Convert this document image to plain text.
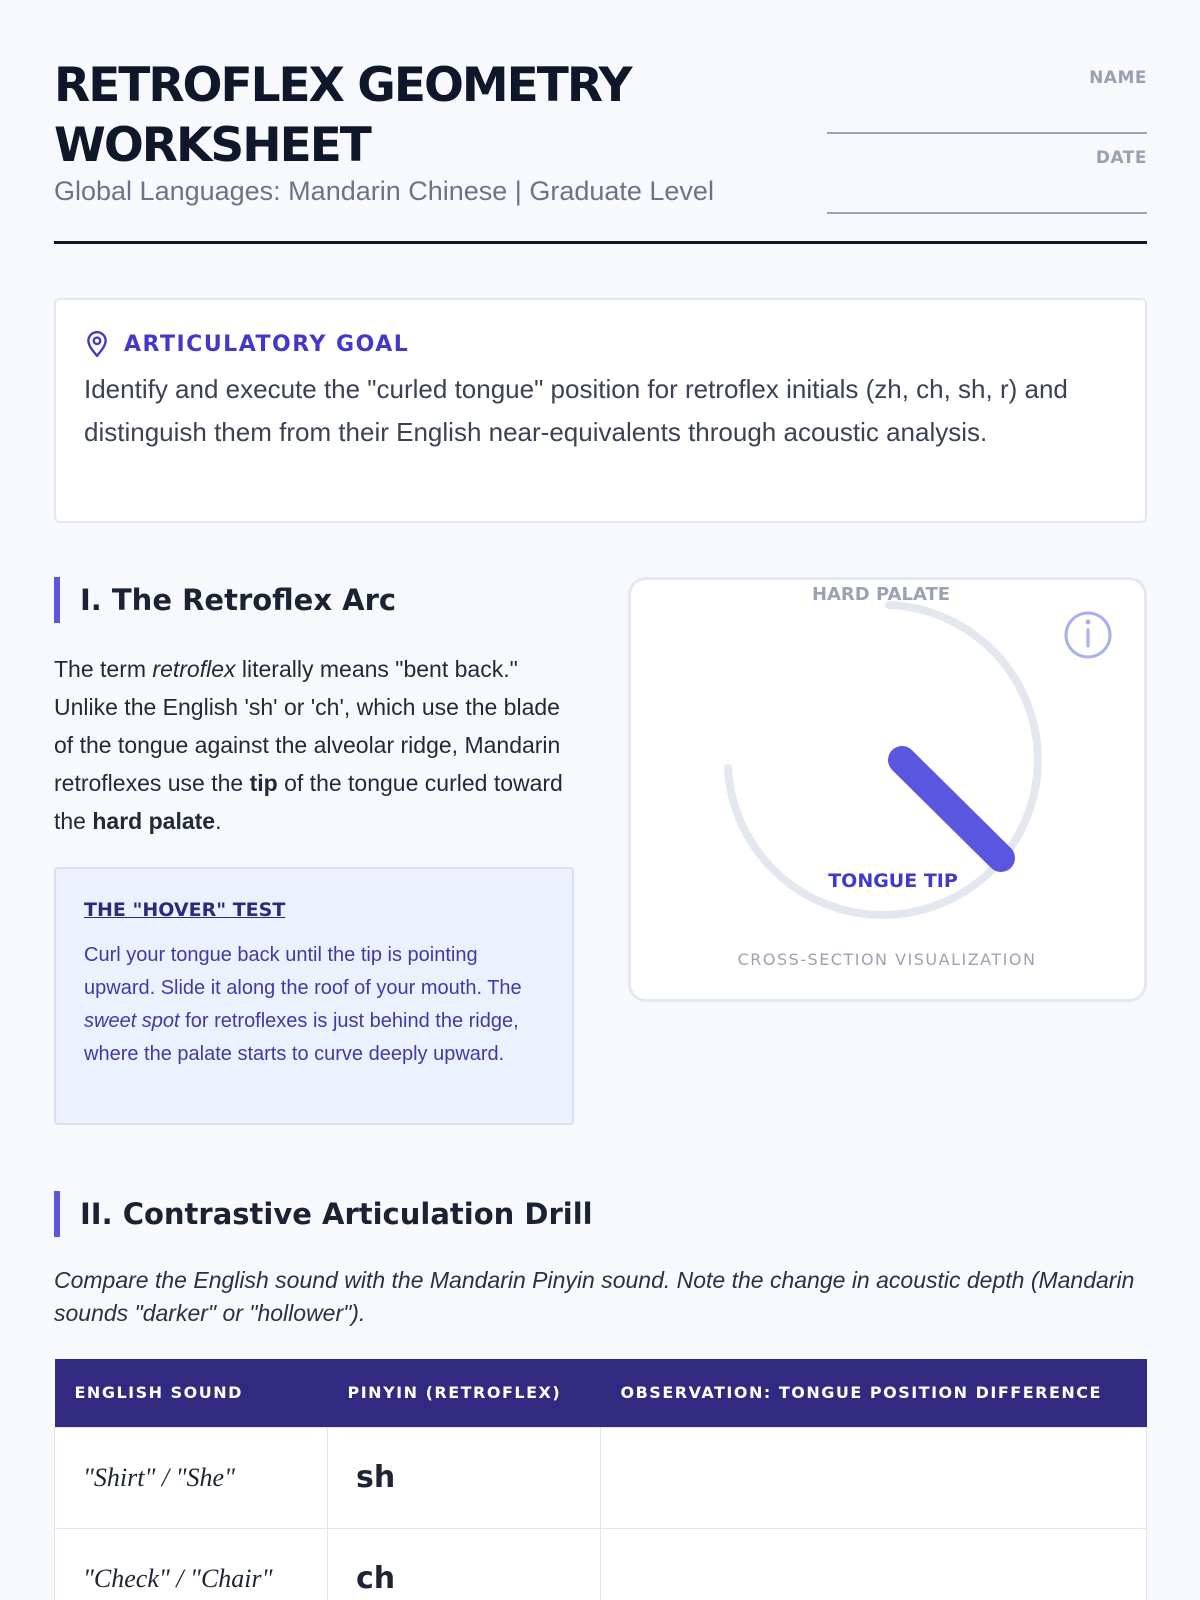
RETROFLEX GEOMETRY WORKSHEET
Global Languages: Mandarin Chinese | Graduate Level
NAME
DATE
ARTICULATORY GOAL
Identify and execute the "curled tongue" position for retroflex initials (zh, ch, sh, r) and distinguish them from their English near-equivalents through acoustic analysis.
I. The Retroflex Arc

The term retroflex literally means "bent back." Unlike the English 'sh' or 'ch', which use the blade of the tongue against the alveolar ridge, Mandarin retroflexes use the tip of the tongue curled toward the hard palate.

THE "HOVER" TEST

Curl your tongue back until the tip is pointing upward. Slide it along the roof of your mouth. The sweet spot for retroflexes is just behind the ridge, where the palate starts to curve deeply upward.

HARD PALATE
TONGUE TIP
CROSS-SECTION VISUALIZATION
II. Contrastive Articulation Drill

Compare the English sound with the Mandarin Pinyin sound. Note the change in acoustic depth (Mandarin sounds "darker" or "hollower").

ENGLISH SOUND	PINYIN (RETROFLEX)	OBSERVATION: TONGUE POSITION DIFFERENCE
"Shirt" / "She"	sh	
"Check" / "Chair"	ch	
